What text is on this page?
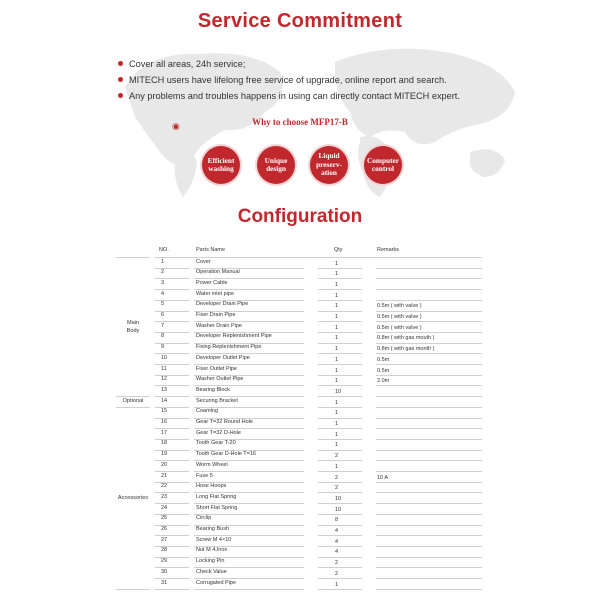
Service Commitment
Cover all areas, 24h service;
MITECH users have lifelong free service of upgrade, online report and search.
Any problems and troubles happens in using can directly contact MITECH expert.
◉	Why to choose MFP17-B
Efficient
washing
Unique
design
Liquid
preserv-
ation
Computer
control
Configuration
NO.	Parts Name	Qty	Remarks
1	Cover	1
2	Operation Manual	1
3	Power Cable	1
4	Water inlet pipe	1
5	Developer Drain Pipe	1	0.5m ( with valve )
6	Fixer Drain Pipe	1	0.5m ( with valve )
7	Washer Drain Pipe	1	0.5m ( with valve )
8	Developer Replenishment Pipe	1	0.8m ( with gas mouth )
9	Fixing Replenishment Pipe	1	0.8m ( with gas month )
10	Developer Outlet Pipe	1	0.5m
11	Fixer Outlet Pipe	1	0.5m
12	Washer Outlet Pipe	1	2.0m
13	Bearing Block	10
14	Securing Bracket	1
15	Coaming	1
16	Gear T=32 Round Hole	1
17	Gear T=32 D-Hole	1
18	Tooth Gear T-20	1
19	Tooth Gear D-Hole T=16	2
20	Worm Wheel	1
21	Fuse 5	2	10 A
22	Hose Hoops	2
23	Long Flat Spring	10
24	Short Flat Spring	10
25	Circlip	8
26	Bearing Bush	4
27	Screw M 4×10	4
28	Nut M 4,Inox	4
29	Locking Pin	2
30	Check Value	2
31	Corrugated Pipe	1
Main
Body
Optional
Accessories
